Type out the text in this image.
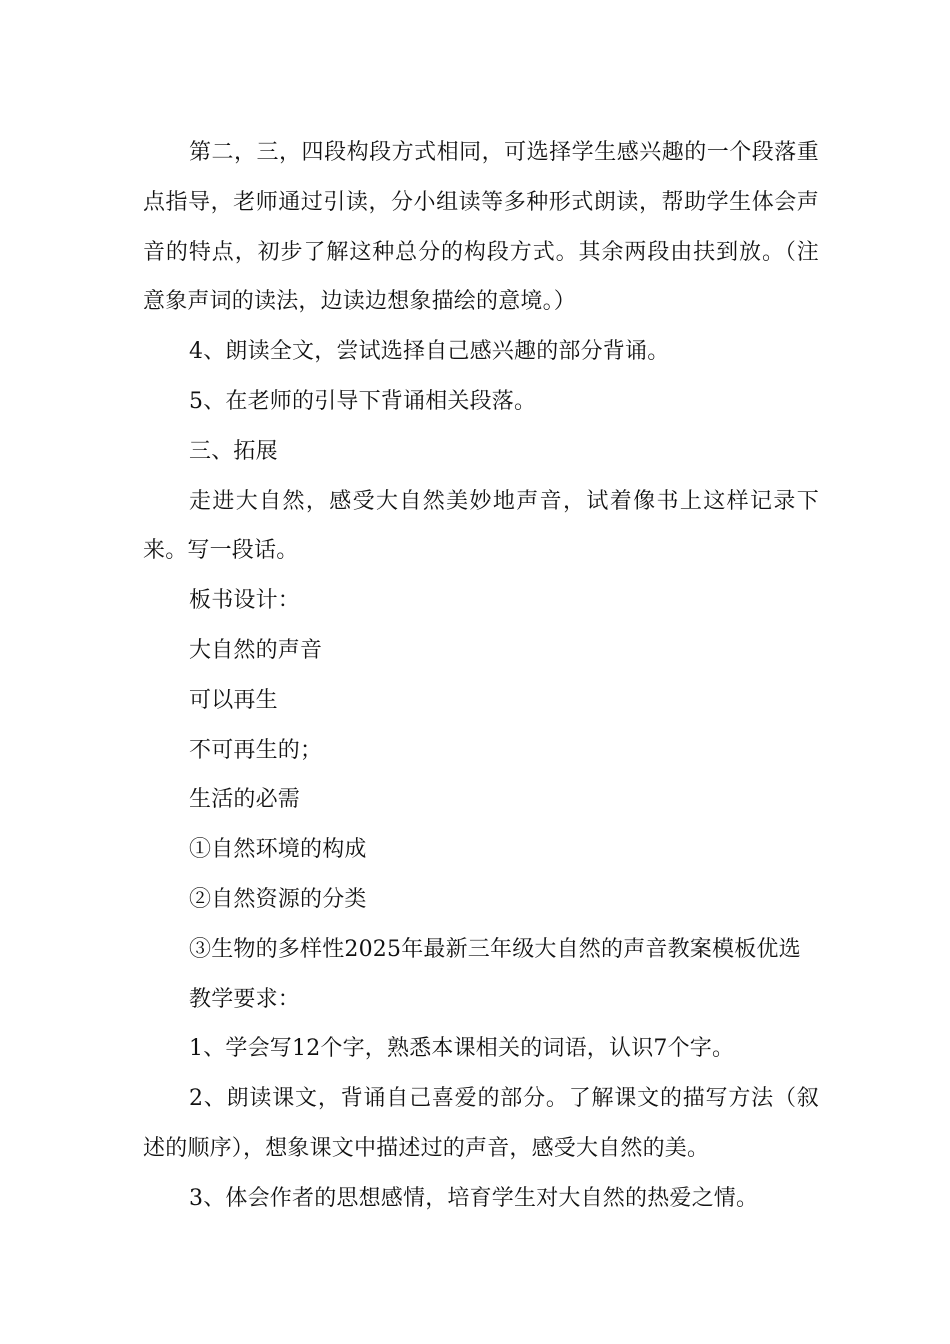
第二，三，四段构段方式相同，可选择学生感兴趣的一个段落重点指导，老师通过引读，分小组读等多种形式朗读，帮助学生体会声音的特点，初步了解这种总分的构段方式。其余两段由扶到放。（注意象声词的读法，边读边想象描绘的意境。）

4、朗读全文，尝试选择自己感兴趣的部分背诵。

5、在老师的引导下背诵相关段落。

三、拓展

走进大自然，感受大自然美妙地声音，试着像书上这样记录下来。写一段话。

板书设计：

大自然的声音

可以再生

不可再生的；

生活的必需

①自然环境的构成

②自然资源的分类

③生物的多样性2025年最新三年级大自然的声音教案模板优选

教学要求：

1、学会写12个字，熟悉本课相关的词语，认识7个字。

2、朗读课文，背诵自己喜爱的部分。了解课文的描写方法（叙述的顺序），想象课文中描述过的声音，感受大自然的美。

3、体会作者的思想感情，培育学生对大自然的热爱之情。
